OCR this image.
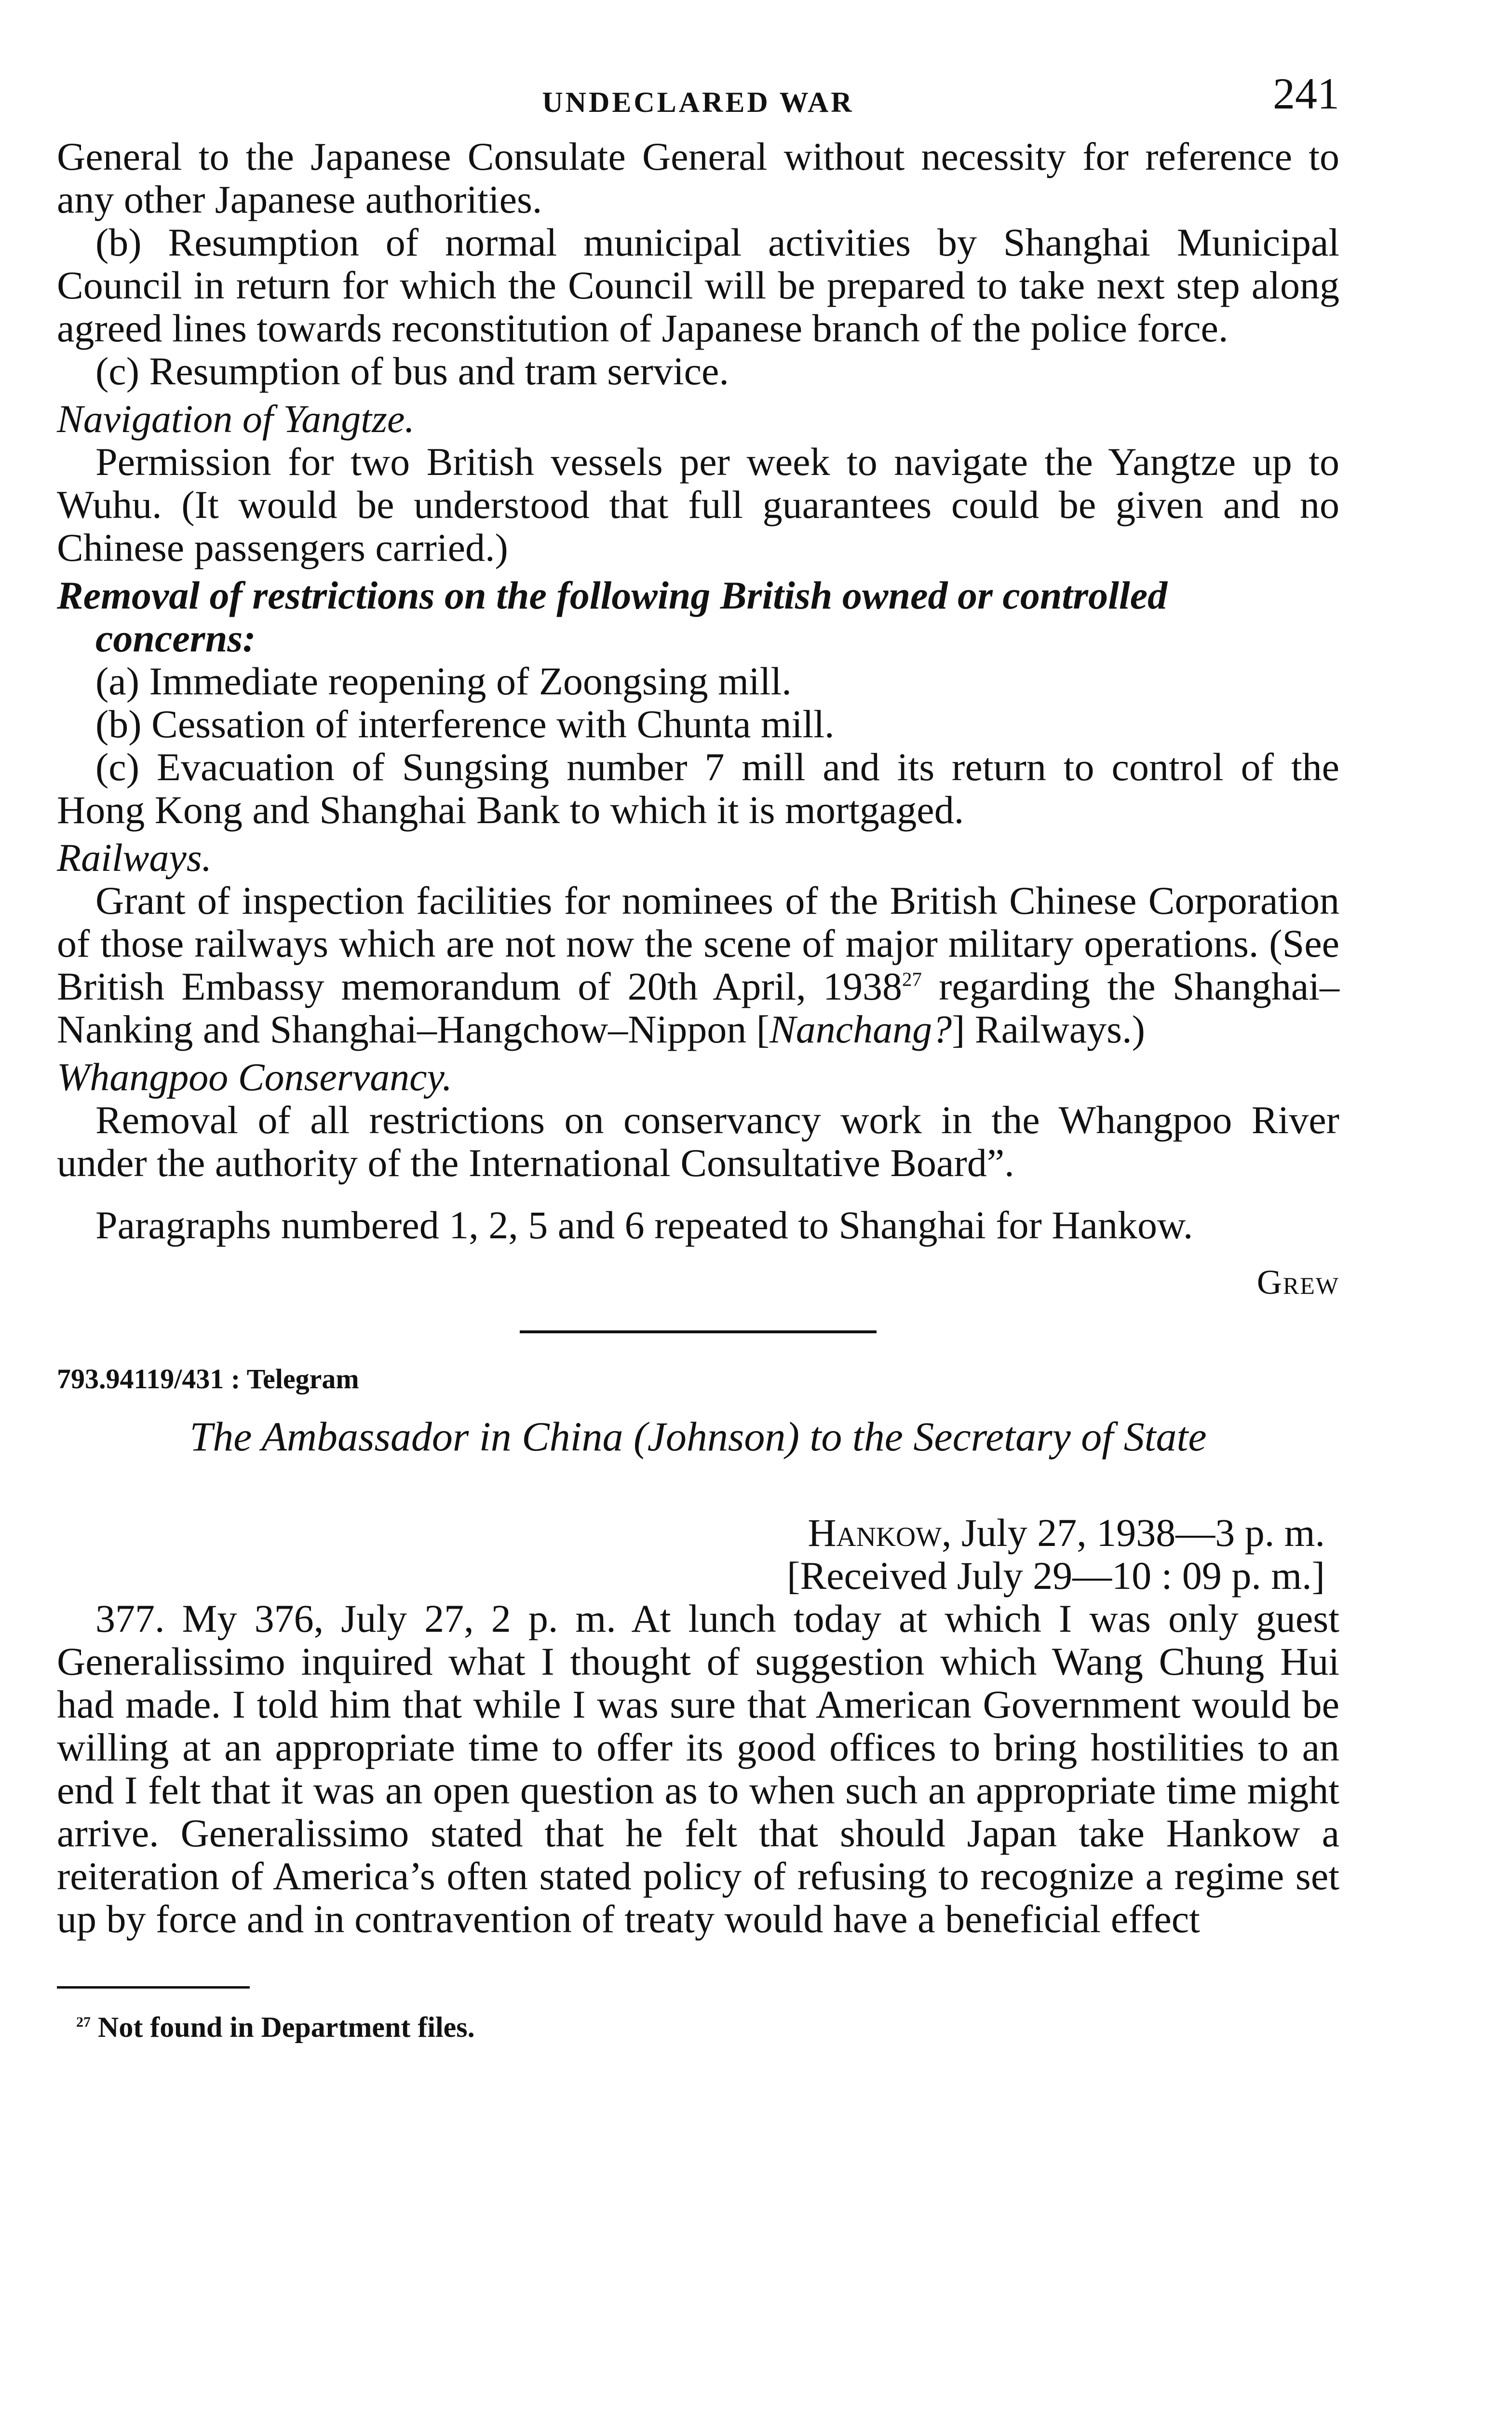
UNDECLARED WAR	241

General to the Japanese Consulate General without necessity for reference to any other Japanese authorities.

(b) Resumption of normal municipal activities by Shanghai Municipal Council in return for which the Council will be prepared to take next step along agreed lines towards reconstitution of Japanese branch of the police force.

(c) Resumption of bus and tram service.

Navigation of Yangtze.

Permission for two British vessels per week to navigate the Yangtze up to Wuhu. (It would be understood that full guarantees could be given and no Chinese passengers carried.)

Removal of restrictions on the following British owned or controlled
concerns:

(a) Immediate reopening of Zoongsing mill.

(b) Cessation of interference with Chunta mill.

(c) Evacuation of Sungsing number 7 mill and its return to control of the Hong Kong and Shanghai Bank to which it is mortgaged.

Railways.

Grant of inspection facilities for nominees of the British Chinese Corporation of those railways which are not now the scene of major military operations. (See British Embassy memorandum of 20th April, 1938$^{27}$ regarding the Shanghai–Nanking and Shanghai–Hangchow–Nippon [Nanchang?] Railways.)

Whangpoo Conservancy.

Removal of all restrictions on conservancy work in the Whangpoo River under the authority of the International Consultative Board”.

Paragraphs numbered 1, 2, 5 and 6 repeated to Shanghai for Hankow.

Grew
793.94119/431 : Telegram
The Ambassador in China (Johnson) to the Secretary of State
Hankow, July 27, 1938—3 p. m.
[Received July 29—10 : 09 p. m.]

377. My 376, July 27, 2 p. m. At lunch today at which I was only guest Generalissimo inquired what I thought of suggestion which Wang Chung Hui had made. I told him that while I was sure that American Government would be willing at an appropriate time to offer its good offices to bring hostilities to an end I felt that it was an open question as to when such an appropriate time might arrive. Generalissimo stated that he felt that should Japan take Hankow a reiteration of America’s often stated policy of refusing to recognize a regime set up by force and in contravention of treaty would have a beneficial effect

$^{27}$ Not found in Department files.
